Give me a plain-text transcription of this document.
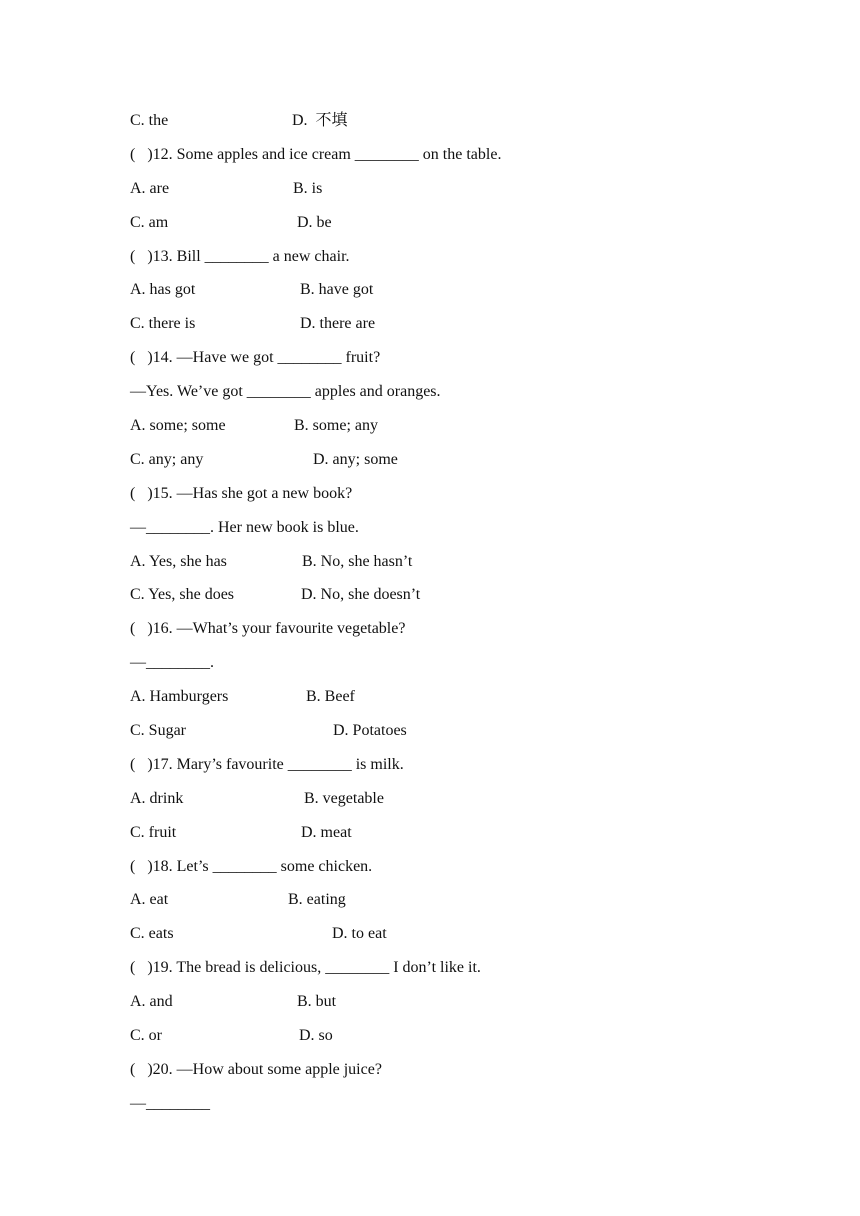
C. the

	D.  不填

(   )12. Some apples and ice cream ________ on the table.

A. are

	B. is

C. am

	D. be

(   )13. Bill ________ a new chair.

A. has got

	B. have got

C. there is

	D. there are

(   )14. —Have we got ________ fruit?
—Yes. We’ve got ________ apples and oranges.

A. some; some

	B. some; any

C. any; any

	D. any; some

(   )15. —Has she got a new book?
—________. Her new book is blue.

A. Yes, she has

	B. No, she hasn’t

C. Yes, she does

	D. No, she doesn’t

(   )16. —What’s your favourite vegetable?
—________.

A. Hamburgers

	B. Beef

C. Sugar

	D. Potatoes

(   )17. Mary’s favourite ________ is milk.

A. drink

	B. vegetable

C. fruit

	D. meat

(   )18. Let’s ________ some chicken.

A. eat

	B. eating

C. eats

	D. to eat

(   )19. The bread is delicious, ________ I don’t like it.

A. and

	B. but

C. or

	D. so

(   )20. —How about some apple juice?
—________
